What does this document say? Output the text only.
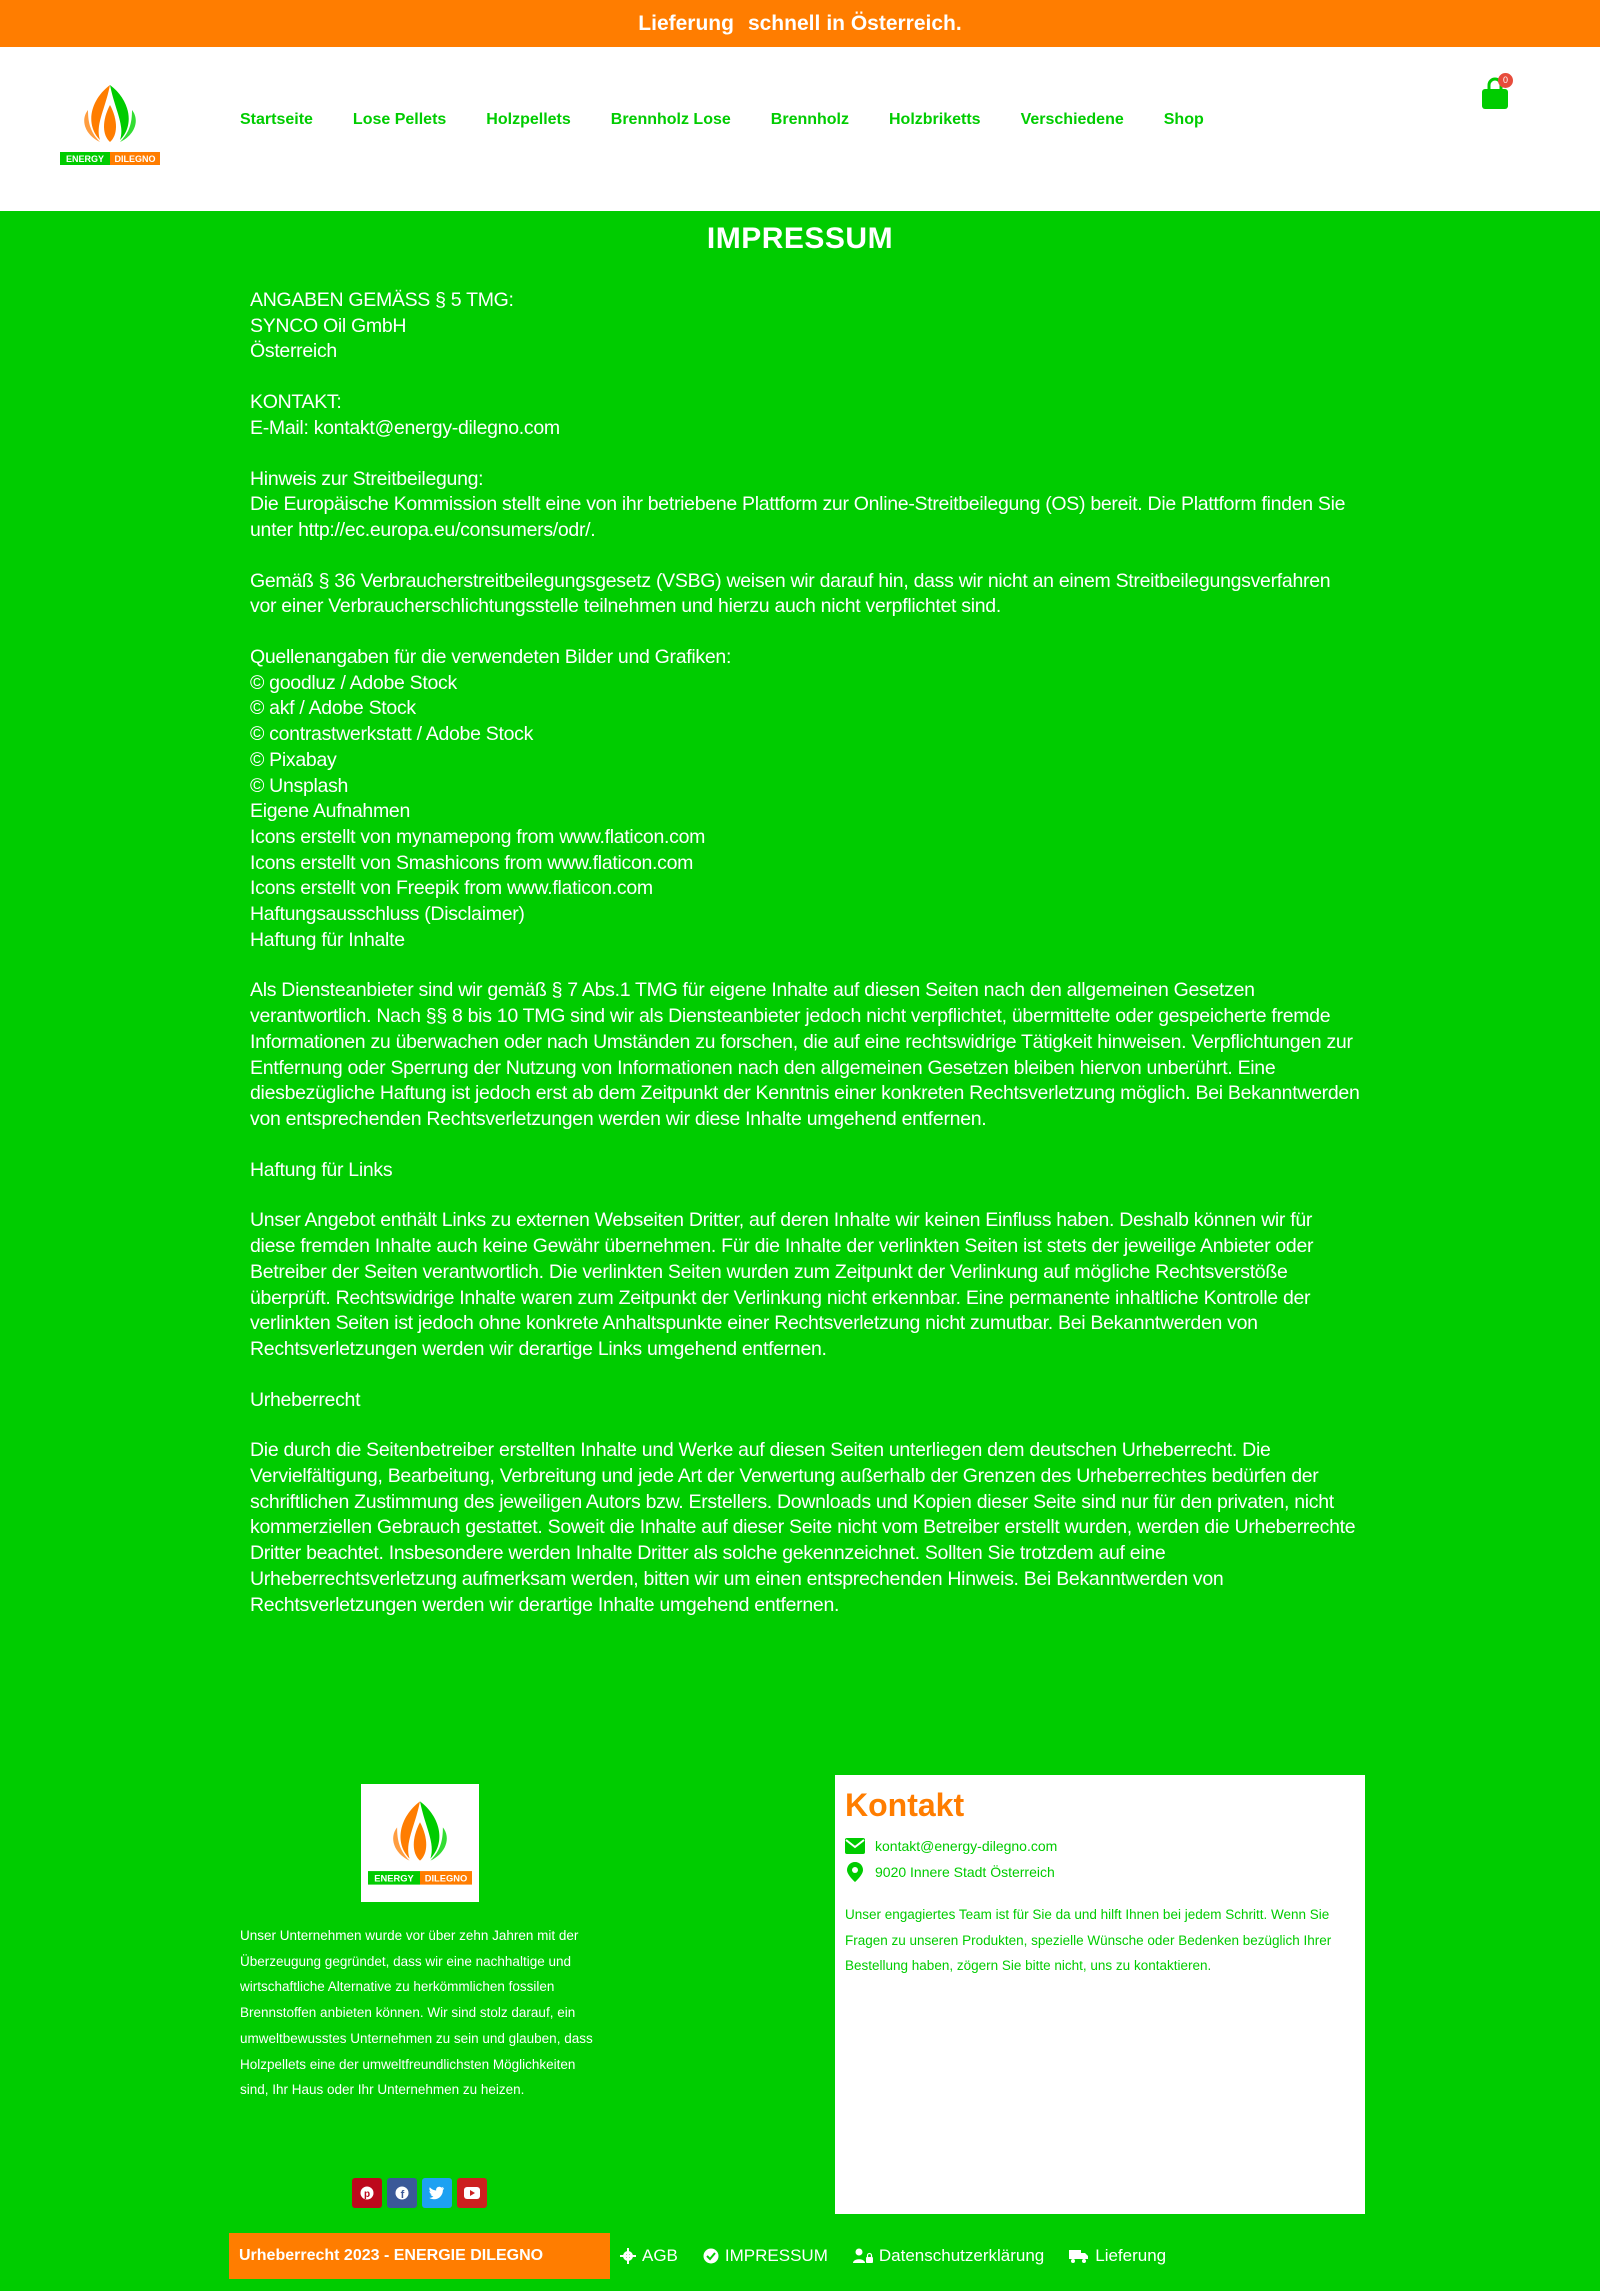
Lieferung schnell in Österreich.
ENERGY DILEGNO
Startseite	Lose Pellets	Holzpellets	Brennholz Lose	Brennholz	Holzbriketts	Verschiedene	Shop
0
IMPRESSUM

ANGABEN GEMÄSS § 5 TMG:
SYNCO Oil GmbH
Österreich

KONTAKT:
E-Mail: kontakt@energy-dilegno.com

Hinweis zur Streitbeilegung:
Die Europäische Kommission stellt eine von ihr betriebene Plattform zur Online-Streitbeilegung (OS) bereit. Die Plattform finden Sie unter http://ec.europa.eu/consumers/odr/.

Gemäß § 36 Verbraucherstreitbeilegungsgesetz (VSBG) weisen wir darauf hin, dass wir nicht an einem Streitbeilegungsverfahren vor einer Verbraucherschlichtungsstelle teilnehmen und hierzu auch nicht verpflichtet sind.

Quellenangaben für die verwendeten Bilder und Grafiken:
© goodluz / Adobe Stock
© akf / Adobe Stock
© contrastwerkstatt / Adobe Stock
© Pixabay
© Unsplash
Eigene Aufnahmen
Icons erstellt von mynamepong from www.flaticon.com
Icons erstellt von Smashicons from www.flaticon.com
Icons erstellt von Freepik from www.flaticon.com
Haftungsausschluss (Disclaimer)
Haftung für Inhalte

Als Diensteanbieter sind wir gemäß § 7 Abs.1 TMG für eigene Inhalte auf diesen Seiten nach den allgemeinen Gesetzen verantwortlich. Nach §§ 8 bis 10 TMG sind wir als Diensteanbieter jedoch nicht verpflichtet, übermittelte oder gespeicherte fremde Informationen zu überwachen oder nach Umständen zu forschen, die auf eine rechtswidrige Tätigkeit hinweisen. Verpflichtungen zur Entfernung oder Sperrung der Nutzung von Informationen nach den allgemeinen Gesetzen bleiben hiervon unberührt. Eine diesbezügliche Haftung ist jedoch erst ab dem Zeitpunkt der Kenntnis einer konkreten Rechtsverletzung möglich. Bei Bekanntwerden von entsprechenden Rechtsverletzungen werden wir diese Inhalte umgehend entfernen.

Haftung für Links

Unser Angebot enthält Links zu externen Webseiten Dritter, auf deren Inhalte wir keinen Einfluss haben. Deshalb können wir für diese fremden Inhalte auch keine Gewähr übernehmen. Für die Inhalte der verlinkten Seiten ist stets der jeweilige Anbieter oder Betreiber der Seiten verantwortlich. Die verlinkten Seiten wurden zum Zeitpunkt der Verlinkung auf mögliche Rechtsverstöße überprüft. Rechtswidrige Inhalte waren zum Zeitpunkt der Verlinkung nicht erkennbar. Eine permanente inhaltliche Kontrolle der verlinkten Seiten ist jedoch ohne konkrete Anhaltspunkte einer Rechtsverletzung nicht zumutbar. Bei Bekanntwerden von Rechtsverletzungen werden wir derartige Links umgehend entfernen.

Urheberrecht

Die durch die Seitenbetreiber erstellten Inhalte und Werke auf diesen Seiten unterliegen dem deutschen Urheberrecht. Die Vervielfältigung, Bearbeitung, Verbreitung und jede Art der Verwertung außerhalb der Grenzen des Urheberrechtes bedürfen der schriftlichen Zustimmung des jeweiligen Autors bzw. Erstellers. Downloads und Kopien dieser Seite sind nur für den privaten, nicht kommerziellen Gebrauch gestattet. Soweit die Inhalte auf dieser Seite nicht vom Betreiber erstellt wurden, werden die Urheberrechte Dritter beachtet. Insbesondere werden Inhalte Dritter als solche gekennzeichnet. Sollten Sie trotzdem auf eine Urheberrechtsverletzung aufmerksam werden, bitten wir um einen entsprechenden Hinweis. Bei Bekanntwerden von Rechtsverletzungen werden wir derartige Inhalte umgehend entfernen.

ENERGY DILEGNO

Unser Unternehmen wurde vor über zehn Jahren mit der Überzeugung gegründet, dass wir eine nachhaltige und wirtschaftliche Alternative zu herkömmlichen fossilen Brennstoffen anbieten können. Wir sind stolz darauf, ein umweltbewusstes Unternehmen zu sein und glauben, dass Holzpellets eine der umweltfreundlichsten Möglichkeiten sind, Ihr Haus oder Ihr Unternehmen zu heizen.

p	f
Kontakt
kontakt@energy-dilegno.com
9020 Innere Stadt Österreich

Unser engagiertes Team ist für Sie da und hilft Ihnen bei jedem Schritt. Wenn Sie Fragen zu unseren Produkten, spezielle Wünsche oder Bedenken bezüglich Ihrer Bestellung haben, zögern Sie bitte nicht, uns zu kontaktieren.

Urheberrecht 2023 - ENERGIE DILEGNO	AGB	IMPRESSUM	Datenschutzerklärung	Lieferung
